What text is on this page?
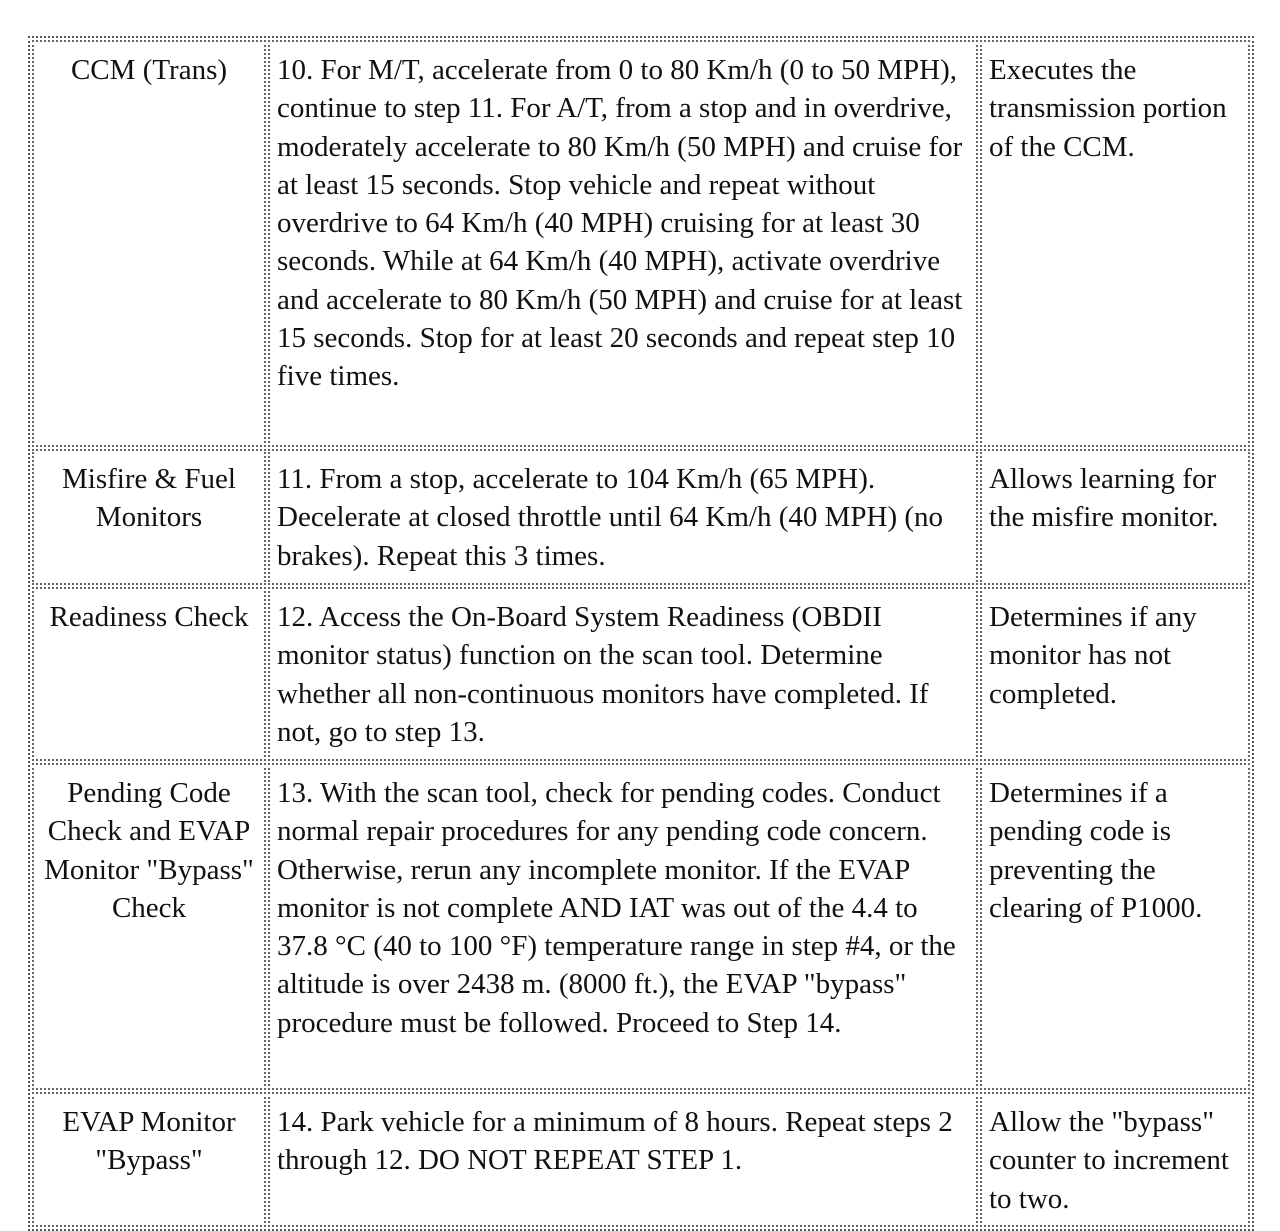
CCM (Trans)	10. For M/T, accelerate from 0 to 80 Km/h (0 to 50 MPH), continue to step 11. For A/T, from a stop and in overdrive, moderately accelerate to 80 Km/h (50 MPH) and cruise for at least 15 seconds. Stop vehicle and repeat without overdrive to 64 Km/h (40 MPH) cruising for at least 30 seconds. While at 64 Km/h (40 MPH), activate overdrive and accelerate to 80 Km/h (50 MPH) and cruise for at least 15 seconds. Stop for at least 20 seconds and repeat step 10 five times.	Executes the transmission portion of the CCM.
Misfire & Fuel Monitors	11. From a stop, accelerate to 104 Km/h (65 MPH). Decelerate at closed throttle until 64 Km/h (40 MPH) (no brakes). Repeat this 3 times.	Allows learning for the misfire monitor.
Readiness Check	12. Access the On-Board System Readiness (OBDII monitor status) function on the scan tool. Determine whether all non-continuous monitors have completed. If not, go to step 13.	Determines if any monitor has not completed.
Pending Code Check and EVAP Monitor "Bypass" Check	13. With the scan tool, check for pending codes. Conduct normal repair procedures for any pending code concern. Otherwise, rerun any incomplete monitor. If the EVAP monitor is not complete AND IAT was out of the 4.4 to 37.8 °C (40 to 100 °F) temperature range in step #4, or the altitude is over 2438 m. (8000 ft.), the EVAP "bypass" procedure must be followed. Proceed to Step 14.	Determines if a pending code is preventing the clearing of P1000.
EVAP Monitor "Bypass"	14. Park vehicle for a minimum of 8 hours. Repeat steps 2 through 12. DO NOT REPEAT STEP 1.	Allow the "bypass" counter to increment to two.
